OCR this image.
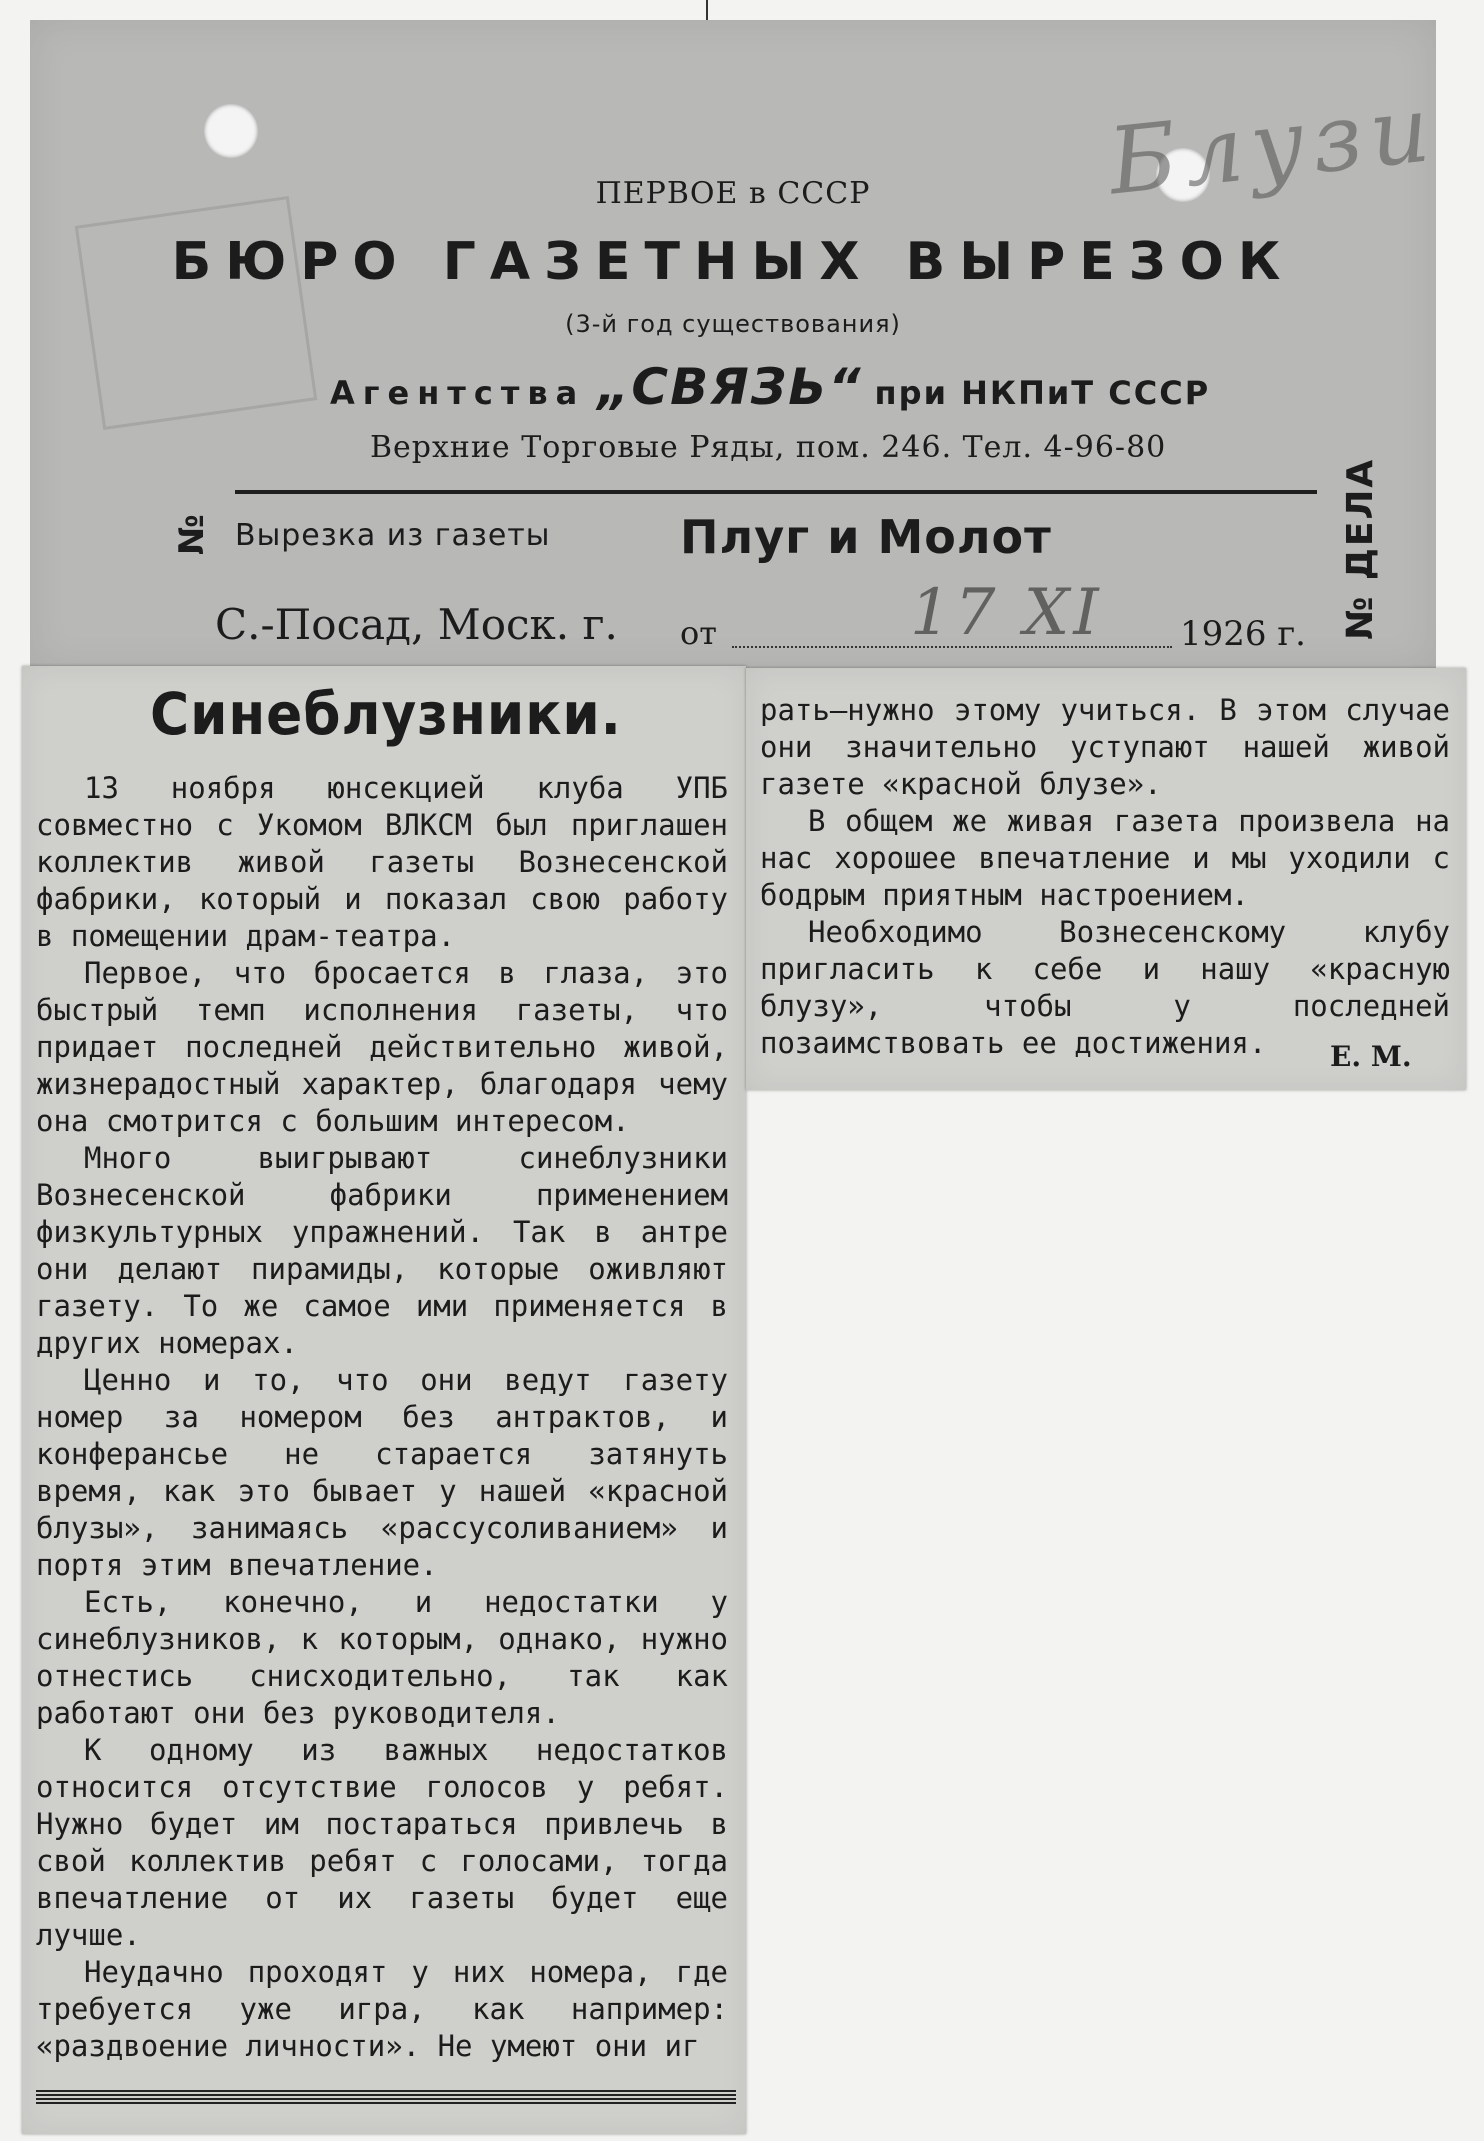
Блузи
ПЕРВОЕ в СССР
БЮРО ГАЗЕТНЫХ ВЫРЕЗОК
(3-й год существования)
Агентства „СВЯЗЬ“ при НКПиТ СССР
Верхние Торговые Ряды, пом. 246. Тел. 4-96-80
№	№ ДЕЛА
Вырезка из газеты	Плуг и Молот
С.-Посад, Моск. г. от	17 XI 1926 г.
Синеблузники.

13 ноября юнсекцией клуба УПБ совместно с Укомом ВЛКСМ был приглашен коллектив живой газеты Вознесенской фабрики, который и показал свою работу в помещении драм-театра.

Первое, что бросается в глаза, это быстрый темп исполнения газеты, что придает последней действительно живой, жизнерадостный характер, благодаря чему она смотрится с большим интересом.

Много выигрывают синеблузники Вознесенской фабрики применением физкультурных упражнений. Так в антре они делают пирамиды, которые оживляют газету. То же самое ими применяется в других номерах.

Ценно и то, что они ведут газету номер за номером без антрактов, и конферансье не старается затянуть время, как это бывает у нашей «красной блузы», занимаясь «рассусоливанием» и портя этим впечатление.

Есть, конечно, и недостатки у синеблузников, к которым, однако, нужно отнестись снисходительно, так как работают они без руководителя.

К одному из важных недостатков относится отсутствие голосов у ребят. Нужно будет им постараться привлечь в свой коллектив ребят с голосами, тогда впечатление от их газеты будет еще лучше.

Неудачно проходят у них номера, где требуется уже игра, как например: «раздвоение личности». Не умеют они иг

рать—нужно этому учиться. В этом случае они значительно уступают нашей живой газете «красной блузе».

В общем же живая газета произвела на нас хорошее впечатление и мы уходили с бодрым приятным настроением.

Необходимо Вознесенскому клубу пригласить к себе и нашу «красную блузу», чтобы у последней позаимствовать ее достижения.	Е. М.
